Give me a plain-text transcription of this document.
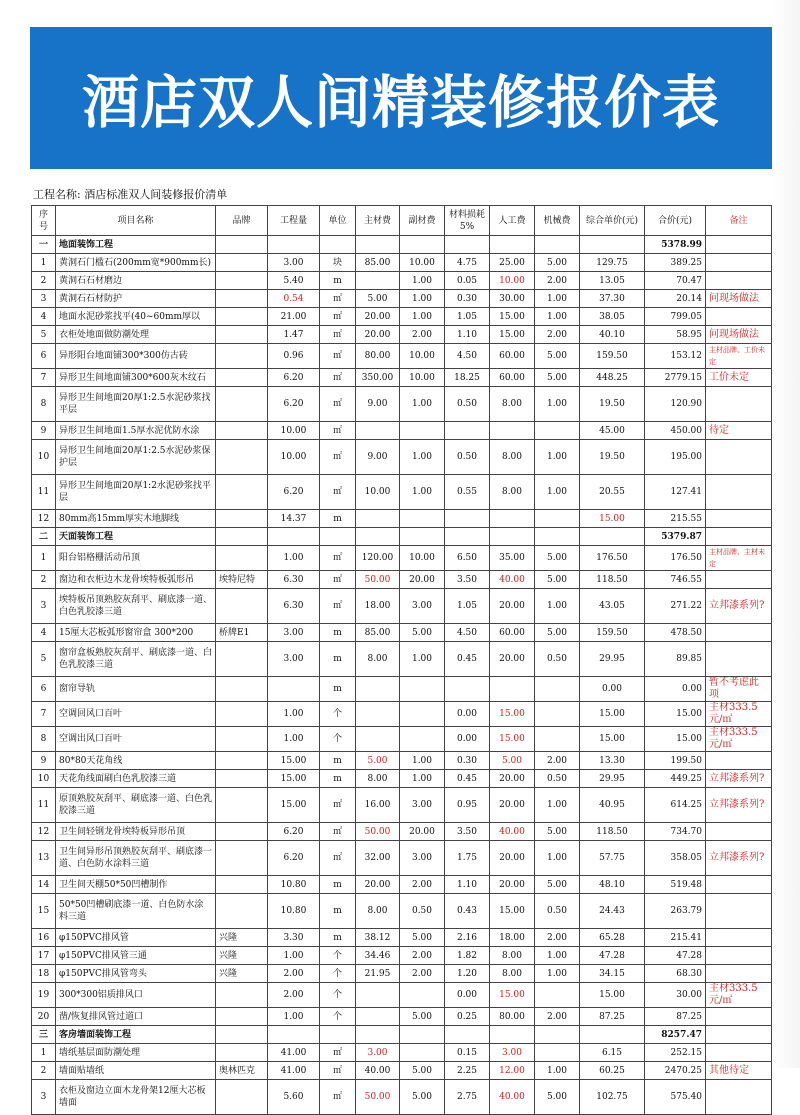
酒店双人间精装修报价表
工程名称: 酒店标准双人间装修报价清单
序号	项目名称	品牌	工程量	单位	主材费	副材费	材料损耗5%	人工费	机械费	综合单价(元)	合价(元)	备注
一	地面装饰工程										5378.99	
1	黄洞石门槛石(200mm宽*900mm长)		3.00	块	85.00	10.00	4.75	25.00	5.00	129.75	389.25	
2	黄洞石石材磨边		5.40	m		1.00	0.05	10.00	2.00	13.05	70.47	
3	黄洞石石材防护		0.54	㎡	5.00	1.00	0.30	30.00	1.00	37.30	20.14	问现场做法
4	地面水泥砂浆找平(40~60mm厚以		21.00	㎡	20.00	1.00	1.05	15.00	1.00	38.05	799.05	
5	衣柜处地面做防潮处理		1.47	㎡	20.00	2.00	1.10	15.00	2.00	40.10	58.95	问现场做法
6	异形阳台地面铺300*300仿古砖		0.96	㎡	80.00	10.00	4.50	60.00	5.00	159.50	153.12	主材品牌、工价未定
7	异形卫生间地面铺300*600灰木纹石		6.20	㎡	350.00	10.00	18.25	60.00	5.00	448.25	2779.15	工价未定
8	异形卫生间地面20厚1:2.5水泥砂浆找平层		6.20	㎡	9.00	1.00	0.50	8.00	1.00	19.50	120.90	
9	异形卫生间地面1.5厚水泥优防水涂		10.00	㎡						45.00	450.00	待定
10	异形卫生间地面20厚1:2.5水泥砂浆保护层		10.00	㎡	9.00	1.00	0.50	8.00	1.00	19.50	195.00	
11	异形卫生间地面20厚1:2水泥砂浆找平层		6.20	㎡	10.00	1.00	0.55	8.00	1.00	20.55	127.41	
12	80mm高15mm厚实木地脚线		14.37	m						15.00	215.55	
二	天面装饰工程										5379.87	
1	阳台铝格栅活动吊顶		1.00	㎡	120.00	10.00	6.50	35.00	5.00	176.50	176.50	主材品牌、主材未定
2	窗边和衣柜边木龙骨埃特板弧形吊	埃特尼特	6.30	㎡	50.00	20.00	3.50	40.00	5.00	118.50	746.55	
3	埃特板吊顶熟胶灰刮平、刷底漆一道、白色乳胶漆三道		6.30	㎡	18.00	3.00	1.05	20.00	1.00	43.05	271.22	立邦漆系列?
4	15厘大芯板弧形窗帘盒 300*200	桥牌E1	3.00	m	85.00	5.00	4.50	60.00	5.00	159.50	478.50	
5	窗帘盒板熟胶灰刮平、刷底漆一道、白色乳胶漆三道		3.00	m	8.00	1.00	0.45	20.00	0.50	29.95	89.85	
6	窗帘导轨			m						0.00	0.00	暂不考虑此项
7	空调回风口百叶		1.00	个			0.00	15.00		15.00	15.00	主材333.5元/㎡
8	空调出风口百叶		1.00	个			0.00	15.00		15.00	15.00	主材333.5元/㎡
9	80*80天花角线		15.00	m	5.00	1.00	0.30	5.00	2.00	13.30	199.50	
10	天花角线面刷白色乳胶漆三道		15.00	m	8.00	1.00	0.45	20.00	0.50	29.95	449.25	立邦漆系列?
11	原顶熟胶灰刮平、刷底漆一道、白色乳胶漆三道		15.00	㎡	16.00	3.00	0.95	20.00	1.00	40.95	614.25	立邦漆系列?
12	卫生间轻钢龙骨埃特板异形吊顶		6.20	㎡	50.00	20.00	3.50	40.00	5.00	118.50	734.70	
13	卫生间异形吊顶熟胶灰刮平、刷底漆一道、白色防水涂料三道		6.20	㎡	32.00	3.00	1.75	20.00	1.00	57.75	358.05	立邦漆系列?
14	卫生间天棚50*50凹槽制作		10.80	m	20.00	2.00	1.10	20.00	5.00	48.10	519.48	
15	50*50凹槽刷底漆一道、白色防水涂料三道		10.80	m	8.00	0.50	0.43	15.00	0.50	24.43	263.79	
16	φ150PVC排风管	兴隆	3.30	m	38.12	5.00	2.16	18.00	2.00	65.28	215.41	
17	φ150PVC排风管三通	兴隆	1.00	个	34.46	2.00	1.82	8.00	1.00	47.28	47.28	
18	φ150PVC排风管弯头	兴隆	2.00	个	21.95	2.00	1.20	8.00	1.00	34.15	68.30	
19	300*300铝质排风口		2.00	个			0.00	15.00		15.00	30.00	主材333.5元/㎡
20	凿/恢复排风管过道口		1.00	个		5.00	0.25	80.00	2.00	87.25	87.25	
三	客房墙面装饰工程										8257.47	
1	墙纸基层面防潮处理		41.00	㎡	3.00		0.15	3.00		6.15	252.15	
2	墙面贴墙纸	奥林匹克	41.00	㎡	40.00	5.00	2.25	12.00	1.00	60.25	2470.25	其他待定
3	衣柜及窗边立面木龙骨架12厘大芯板墙面		5.60	㎡	50.00	5.00	2.75	40.00	5.00	102.75	575.40	
